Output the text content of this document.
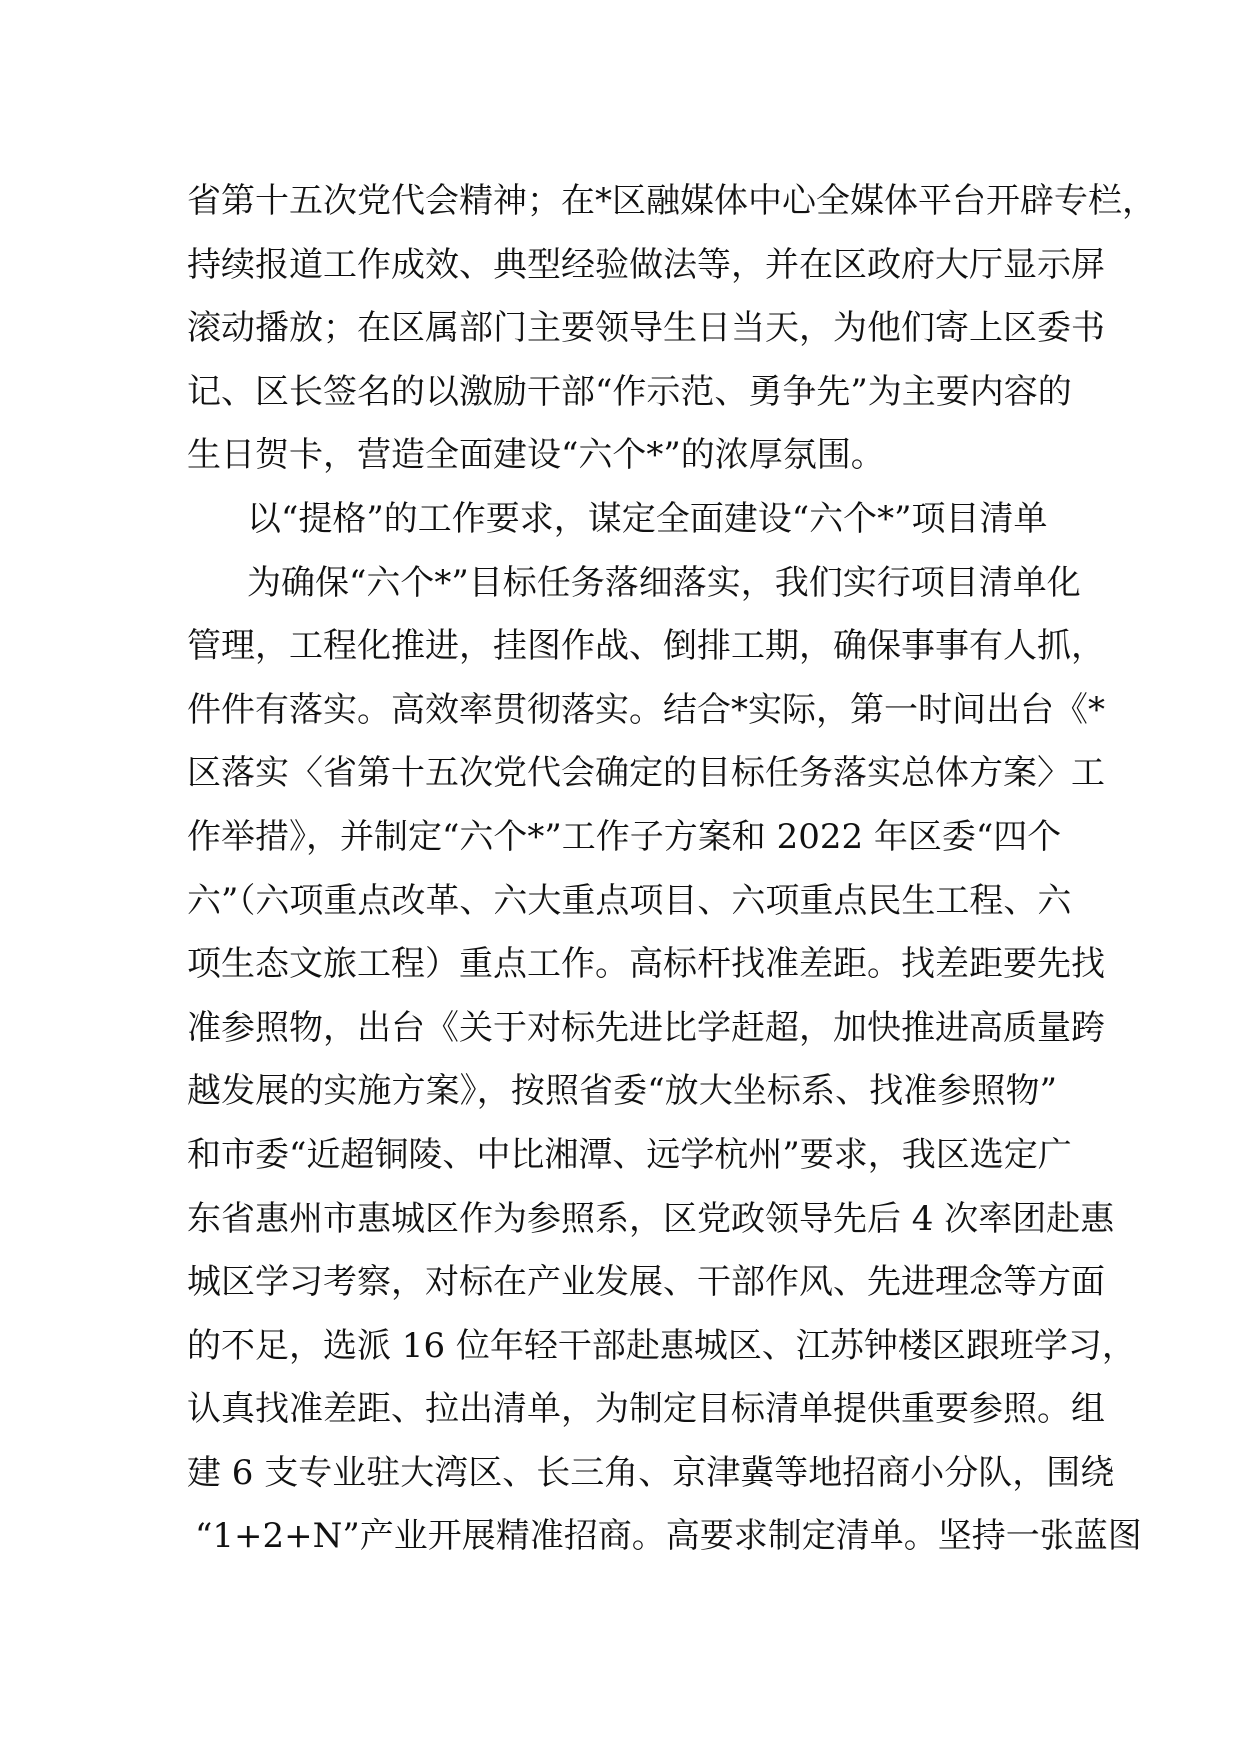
省第十五次党代会精神；在*区融媒体中心全媒体平台开辟专栏，
持续报道工作成效、典型经验做法等，并在区政府大厅显示屏
滚动播放；在区属部门主要领导生日当天，为他们寄上区委书
记、区长签名的以激励干部“作示范、勇争先”为主要内容的
生日贺卡，营造全面建设“六个*”的浓厚氛围。
以“提格”的工作要求，谋定全面建设“六个*”项目清单
为确保“六个*”目标任务落细落实，我们实行项目清单化
管理，工程化推进，挂图作战、倒排工期，确保事事有人抓，
件件有落实。高效率贯彻落实。结合*实际，第一时间出台《*
区落实〈省第十五次党代会确定的目标任务落实总体方案〉工
作举措》，并制定“六个*”工作子方案和 2022 年区委“四个
六”（六项重点改革、六大重点项目、六项重点民生工程、六
项生态文旅工程）重点工作。高标杆找准差距。找差距要先找
准参照物，出台《关于对标先进比学赶超，加快推进高质量跨
越发展的实施方案》，按照省委“放大坐标系、找准参照物”
和市委“近超铜陵、中比湘潭、远学杭州”要求，我区选定广
东省惠州市惠城区作为参照系，区党政领导先后 4 次率团赴惠
城区学习考察，对标在产业发展、干部作风、先进理念等方面
的不足，选派 16 位年轻干部赴惠城区、江苏钟楼区跟班学习，
认真找准差距、拉出清单，为制定目标清单提供重要参照。组
建 6 支专业驻大湾区、长三角、京津冀等地招商小分队，围绕
“1+2+N”产业开展精准招商。高要求制定清单。坚持一张蓝图
